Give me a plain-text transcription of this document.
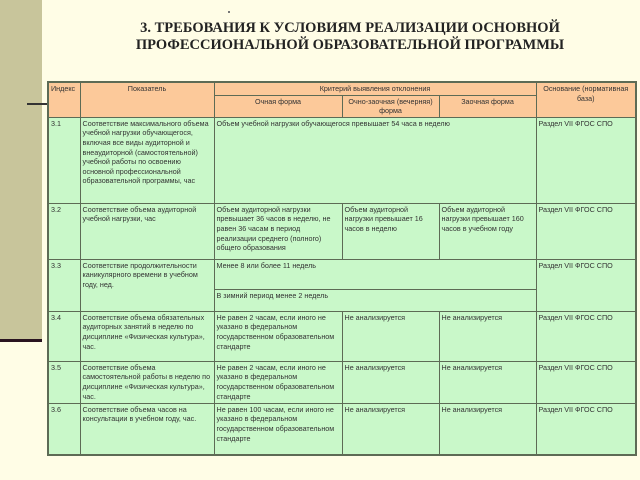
3. ТРЕБОВАНИЯ К УСЛОВИЯМ РЕАЛИЗАЦИИ ОСНОВНОЙ
ПРОФЕССИОНАЛЬНОЙ ОБРАЗОВАТЕЛЬНОЙ ПРОГРАММЫ
Индекс	Показатель	Критерий выявления отклонения			Основание (нормативная база)
		Очная форма	Очно-заочная (вечерняя) форма	Заочная форма	
3.1	Соответствие максимального объема учебной нагрузки обучающегося, включая все виды аудиторной и внеаудиторной (самостоятельной) учебной работы по освоению основной профессиональной образовательной программы, час	Объем учебной нагрузки обучающегося превышает 54 часа в неделю			Раздел VII ФГОС СПО
3.2	Соответствие объема аудиторной учебной нагрузки, час	Объем аудиторной нагрузки превышает 36 часов в неделю, не равен 36 часам в период реализации среднего (полного) общего образования	Объем аудиторной нагрузки превышает 16 часов в неделю	Объем аудиторной нагрузки превышает 160 часов в учебном году	Раздел VII ФГОС СПО
3.3	Соответствие продолжительности каникулярного времени в учебном году, нед.	Менее 8 или более 11 недель			Раздел VII ФГОС СПО
		В зимний период менее 2 недель			
3.4	Соответствие объема обязательных аудиторных занятий в неделю по дисциплине «Физическая культура», час.	Не равен 2 часам, если иного не указано в федеральном государственном образовательном стандарте	Не анализируется	Не анализируется	Раздел VII ФГОС СПО
3.5	Соответствие объема самостоятельной работы в неделю по дисциплине «Физическая культура», час.	Не равен 2 часам, если иного не указано в федеральном государственном образовательном стандарте	Не анализируется	Не анализируется	Раздел VII ФГОС СПО
3.6	Соответствие объема часов на консультации в учебном году, час.	Не равен 100 часам, если иного не указано в федеральном государственном образовательном стандарте	Не анализируется	Не анализируется	Раздел VII ФГОС СПО
